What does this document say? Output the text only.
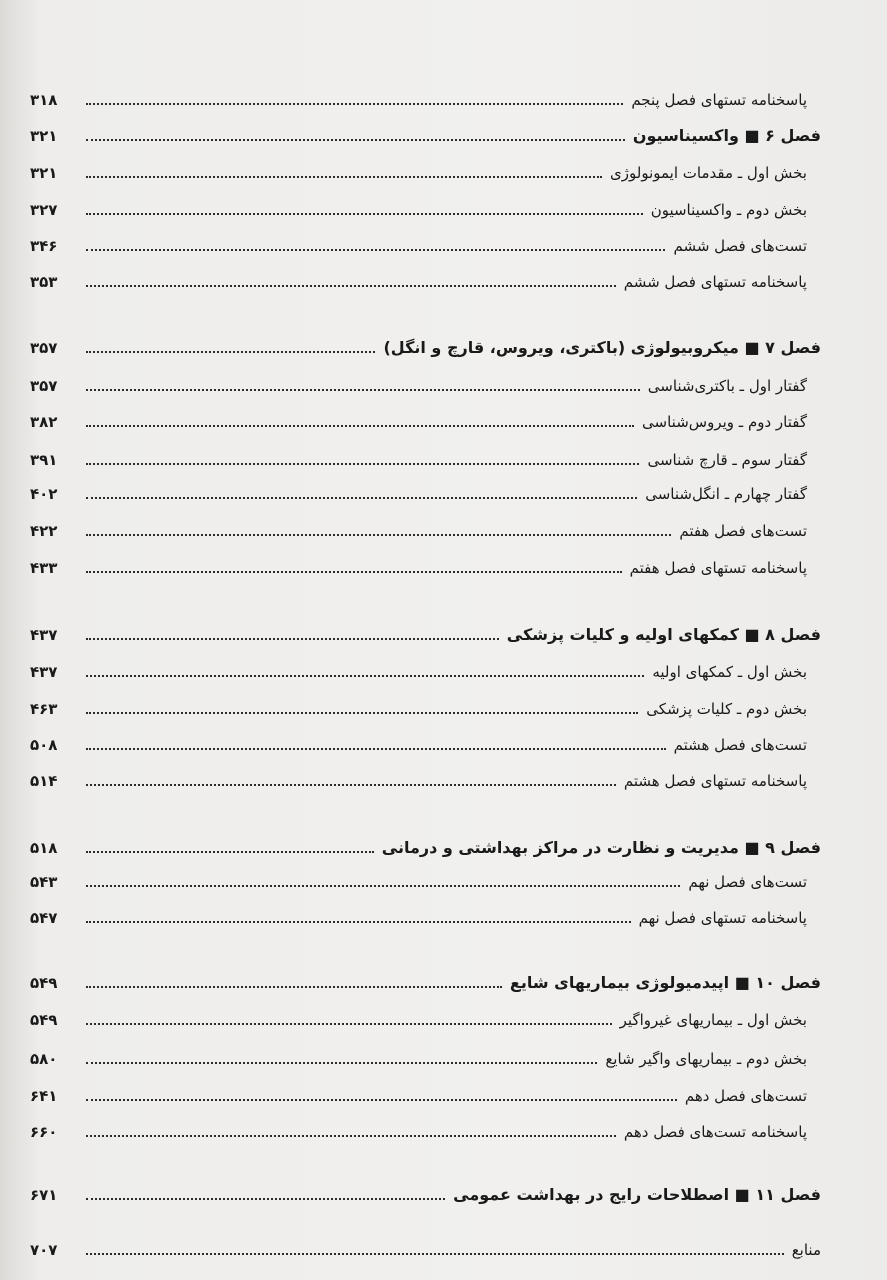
پاسخنامه تستهای فصل پنجم
۳۱۸
فصل ۶ ■ واکسیناسیون
۳۲۱
بخش اول ـ مقدمات ایمونولوژی
۳۲۱
بخش دوم ـ واکسیناسیون
۳۲۷
تست‌های فصل ششم
۳۴۶
پاسخنامه تستهای فصل ششم
۳۵۳
فصل ۷ ■ میکروبیولوژی (باکتری، ویروس، قارچ و انگل)
۳۵۷
گفتار اول ـ باکتری‌شناسی
۳۵۷
گفتار دوم ـ ویروس‌شناسی
۳۸۲
گفتار سوم ـ قارچ شناسی
۳۹۱
گفتار چهارم ـ انگل‌شناسی
۴۰۲
تست‌های فصل هفتم
۴۲۲
پاسخنامه تستهای فصل هفتم
۴۳۳
فصل ۸ ■ کمکهای اولیه و کلیات پزشکی
۴۳۷
بخش اول ـ کمکهای اولیه
۴۳۷
بخش دوم ـ کلیات پزشکی
۴۶۳
تست‌های فصل هشتم
۵۰۸
پاسخنامه تستهای فصل هشتم
۵۱۴
فصل ۹ ■ مدیریت و نظارت در مراکز بهداشتی و درمانی
۵۱۸
تست‌های فصل نهم
۵۴۳
پاسخنامه تستهای فصل نهم
۵۴۷
فصل ۱۰ ■ اپیدمیولوژی بیماریهای شایع
۵۴۹
بخش اول ـ بیماریهای غیرواگیر
۵۴۹
بخش دوم ـ بیماریهای واگیر شایع
۵۸۰
تست‌های فصل دهم
۶۴۱
پاسخنامه تست‌های فصل دهم
۶۶۰
فصل ۱۱ ■ اصطلاحات رایج در بهداشت عمومی
۶۷۱
منابع
۷۰۷
